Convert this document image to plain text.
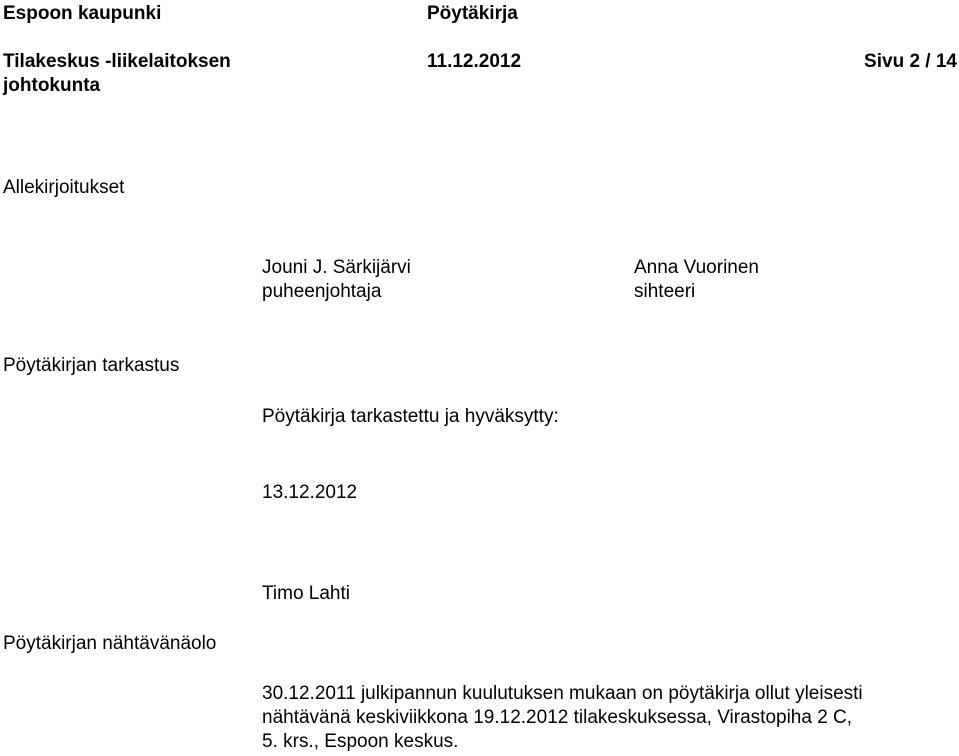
Espoon kaupunki	Pöytäkirja
Tilakeskus -liikelaitoksen
johtokunta
11.12.2012	Sivu 2 / 14
Allekirjoitukset
Jouni J. Särkijärvi
puheenjohtaja
Anna Vuorinen
sihteeri
Pöytäkirjan tarkastus
Pöytäkirja tarkastettu ja hyväksytty:
13.12.2012
Timo Lahti
Pöytäkirjan nähtävänäolo
30.12.2011 julkipannun kuulutuksen mukaan on pöytäkirja ollut yleisesti
nähtävänä keskiviikkona 19.12.2012 tilakeskuksessa, Virastopiha 2 C,
5. krs., Espoon keskus.
